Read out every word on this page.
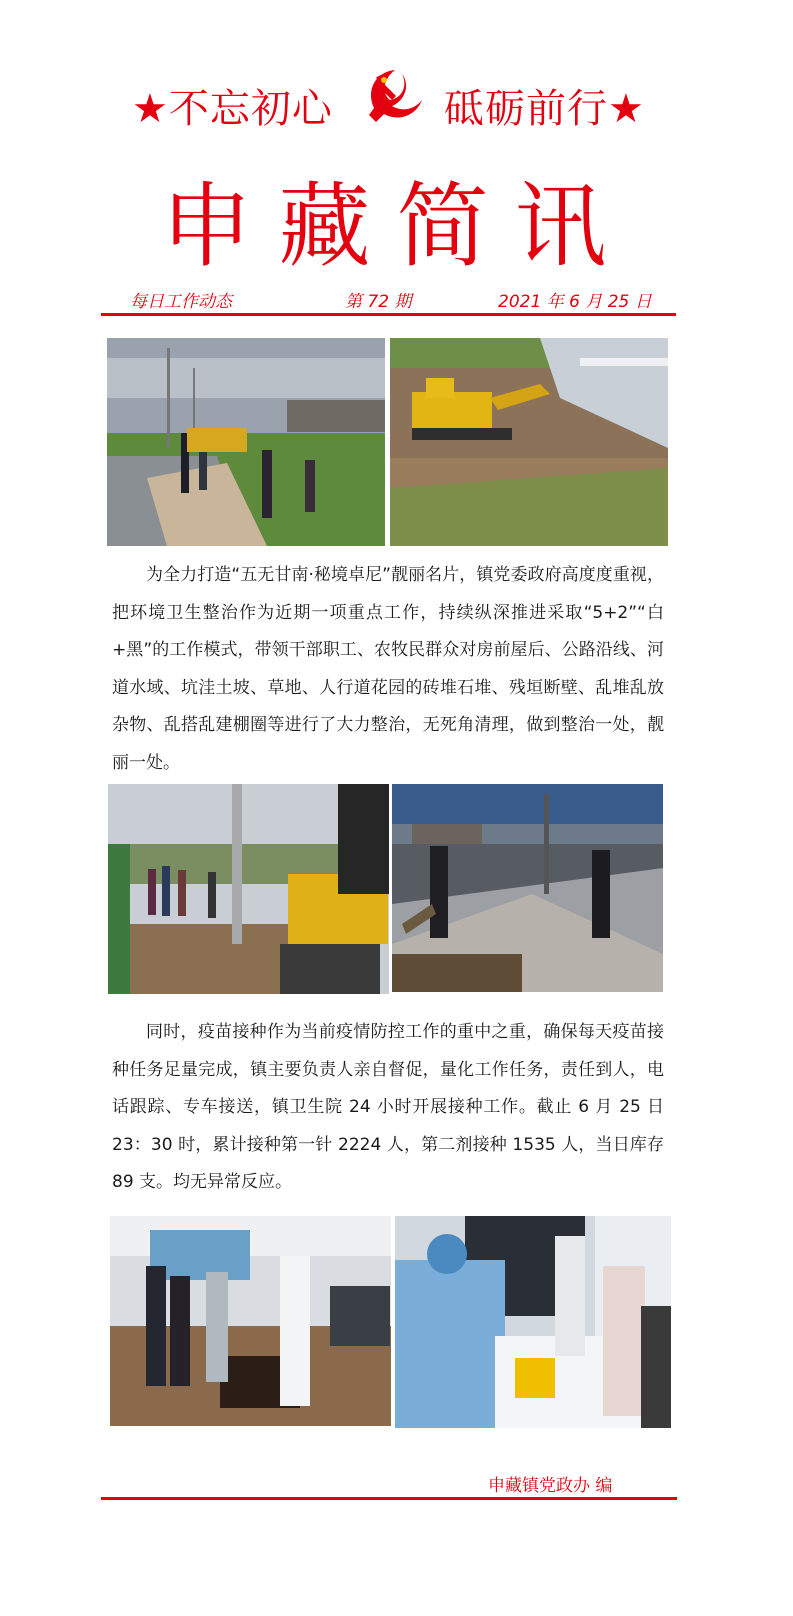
★不忘初心	砥砺前行★
申藏简讯
每日工作动态	第 72 期	2021 年 6 月 25 日
为全力打造“五无甘南·秘境卓尼”靓丽名片，镇党委政府高度度重视，把环境卫生整治作为近期一项重点工作，持续纵深推进采取“5+2”“白+黑”的工作模式，带领干部职工、农牧民群众对房前屋后、公路沿线、河道水域、坑洼土坡、草地、人行道花园的砖堆石堆、残垣断壁、乱堆乱放杂物、乱搭乱建棚圈等进行了大力整治，无死角清理，做到整治一处，靓丽一处。
同时，疫苗接种作为当前疫情防控工作的重中之重，确保每天疫苗接种任务足量完成，镇主要负责人亲自督促，量化工作任务，责任到人，电话跟踪、专车接送，镇卫生院 24 小时开展接种工作。截止 6 月 25 日 23：30 时，累计接种第一针 2224 人，第二剂接种 1535 人，当日库存 89 支。均无异常反应。
申藏镇党政办 编
